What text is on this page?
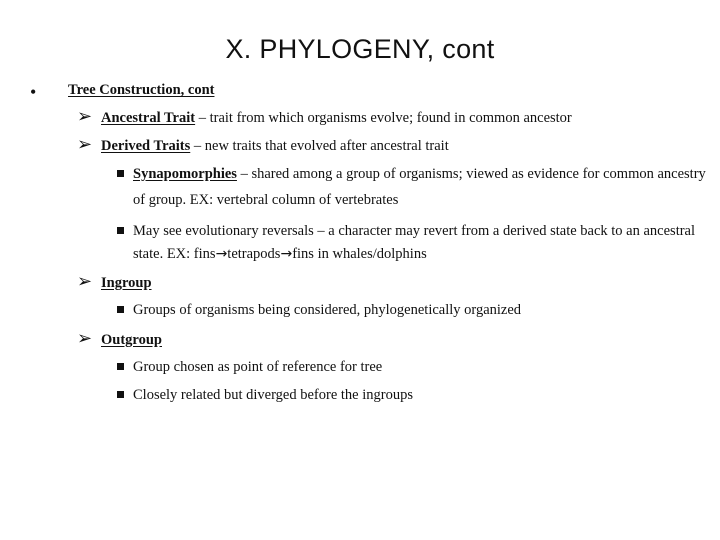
X. PHYLOGENY, cont
• Tree Construction, cont
➢ Ancestral Trait – trait from which organisms evolve; found in common ancestor
➢ Derived Traits – new traits that evolved after ancestral trait
Synapomorphies – shared among a group of organisms; viewed as evidence for common ancestry
of group. EX: vertebral column of vertebrates
May see evolutionary reversals – a character may revert from a derived state back to an ancestral
state. EX: fins→tetrapods→fins in whales/dolphins
➢ Ingroup
Groups of organisms being considered, phylogenetically organized
➢ Outgroup
Group chosen as point of reference for tree
Closely related but diverged before the ingroups
